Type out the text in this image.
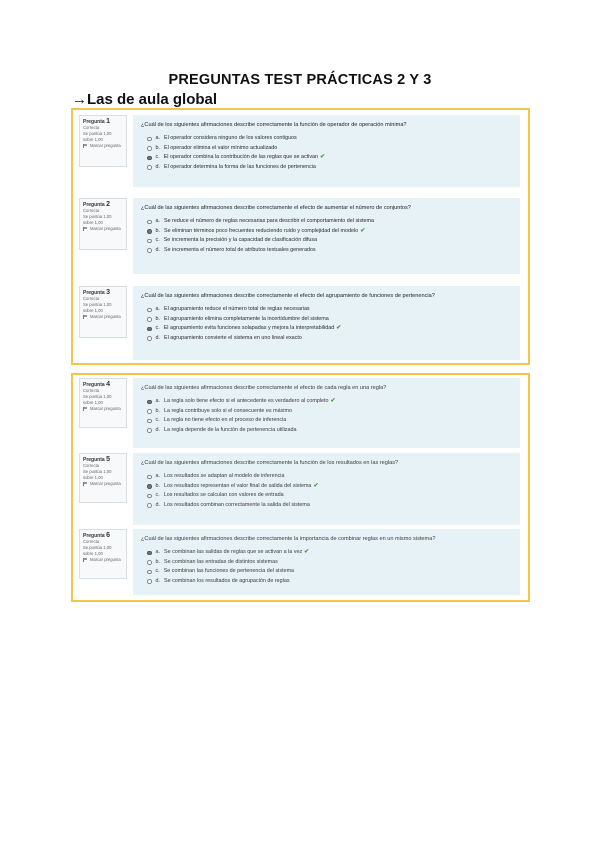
PREGUNTAS TEST PRÁCTICAS 2 Y 3
→Las de aula global
Pregunta 1
Correcta
Se puntúa 1,00 sobre 1,00
Marcar pregunta
¿Cuál de los siguientes afirmaciones describe correctamente la función de operador de operación mínima?
a. El operador considera ninguno de los valores contiguos
b. El operador elimina el valor mínimo actualizado
c. El operador combina la contribución de las reglas que se activan ✔
d. El operador determina la forma de las funciones de pertenencia
Pregunta 2
Correcta
Se puntúa 1,00 sobre 1,00
Marcar pregunta
¿Cuál de las siguientes afirmaciones describe correctamente el efecto de aumentar el número de conjuntos?
a. Se reduce el número de reglas necesarias para describir el comportamiento del sistema
b. Se eliminan términos poco frecuentes reduciendo ruido y complejidad del modelo ✔
c. Se incrementa la precisión y la capacidad de clasificación difusa
d. Se incrementa el número total de atributos textuales generados
Pregunta 3
Correcta
Se puntúa 1,00 sobre 1,00
Marcar pregunta
¿Cuál de las siguientes afirmaciones describe correctamente el efecto del agrupamiento de funciones de pertenencia?
a. El agrupamiento reduce el número total de reglas necesarias
b. El agrupamiento elimina completamente la incertidumbre del sistema
c. El agrupamiento evita funciones solapadas y mejora la interpretabilidad ✔
d. El agrupamiento convierte el sistema en uno lineal exacto
Pregunta 4
Correcta
Se puntúa 1,00 sobre 1,00
Marcar pregunta
¿Cuál de las siguientes afirmaciones describe correctamente el efecto de cada regla en una regla?
a. La regla solo tiene efecto si el antecedente es verdadero al completo ✔
b. La regla contribuye solo si el consecuente es máximo
c. La regla no tiene efecto en el proceso de inferencia
d. La regla depende de la función de pertenencia utilizada
Pregunta 5
Correcta
Se puntúa 1,00 sobre 1,00
Marcar pregunta
¿Cuál de las siguientes afirmaciones describe correctamente la función de los resultados en las reglas?
a. Los resultados se adaptan al modelo de inferencia
b. Los resultados representan el valor final de salida del sistema ✔
c. Los resultados se calculan con valores de entrada
d. Los resultados combinan correctamente la salida del sistema
Pregunta 6
Correcta
Se puntúa 1,00 sobre 1,00
Marcar pregunta
¿Cuál de las siguientes afirmaciones describe correctamente la importancia de combinar reglas en un mismo sistema?
a. Se combinan las salidas de reglas que se activan a la vez ✔
b. Se combinan las entradas de distintos sistemas
c. Se combinan las funciones de pertenencia del sistema
d. Se combinan los resultados de agrupación de reglas
